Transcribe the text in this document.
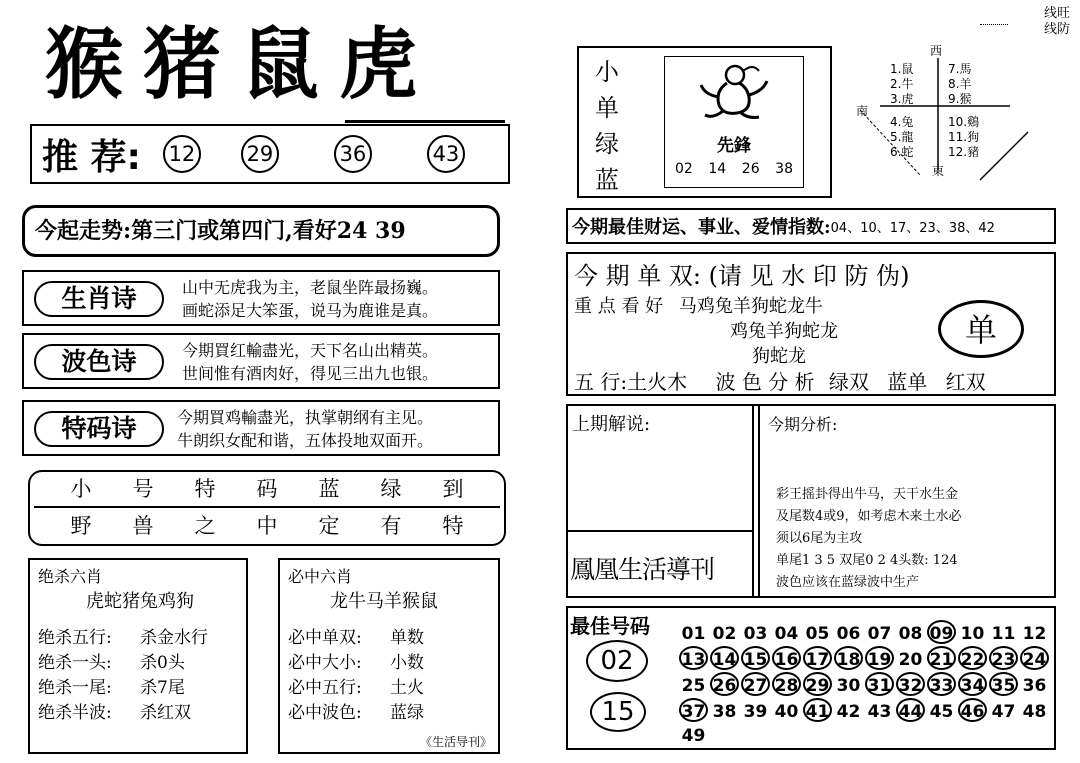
线旺
线防
猴猪鼠虎
推 荐: 12 29	36	43
今起走势:第三门或第四门,看好24 39
生肖诗	山中无虎我为主，老鼠坐阵最扬巍。
画蛇添足大笨蛋，说马为鹿谁是真。
波色诗	今期買红輸盡光，天下名山出精英。
世间惟有酒肉好，得见三出九也银。
特码诗	今期買鸡輸盡光，执掌朝纲有主见。
牛朗织女配和谐，五体投地双面开。
小 号 特 码 蓝 绿 到
野 兽 之 中 定 有 特
绝杀六肖
虎蛇猪兔鸡狗
绝杀五行:	杀金水行
绝杀一头:	杀0头
绝杀一尾:	杀7尾
绝杀半波:	杀红双
必中六肖
龙牛马羊猴鼠
必中单双:	单数
必中大小:	小数
必中五行:	土火
必中波色:	蓝绿
《生活导刊》
小
单
绿
蓝
先鋒
02 14 26 38
西
南
東
1.鼠
2.牛
3.虎
4.兔
5.龍
6.蛇
7.馬
8.羊
9.猴
10.鷄
11.狗
12.豬
今期最佳财运、事业、爱情指数: 04、10、17、23、38、42
今 期 单 双: (请 见 水 印 防 伪)
重 点 看 好 马鸡兔羊狗蛇龙牛
鸡兔羊狗蛇龙
狗蛇龙
单
五 行:土火木 波 色 分 析 绿双 蓝单 红双
上期解说:
鳳凰生活導刊
今期分析:
彩王摇卦得出牛马，天干水生金
及尾数4或9，如考虑木来土水必
须以6尾为主攻
单尾1 3 5 双尾0 2 4头数: 124
波色应该在蓝绿波中生产
最佳号码
02
15
01 02 03 04 05 06 07 08 09 10 11 12
13 14 15 16 17 18 19 20 21 22 23 24
25 26 27 28 29 30 31 32 33 34 35 36
37 38 39 40 41 42 43 44 45 46 47 48
49
